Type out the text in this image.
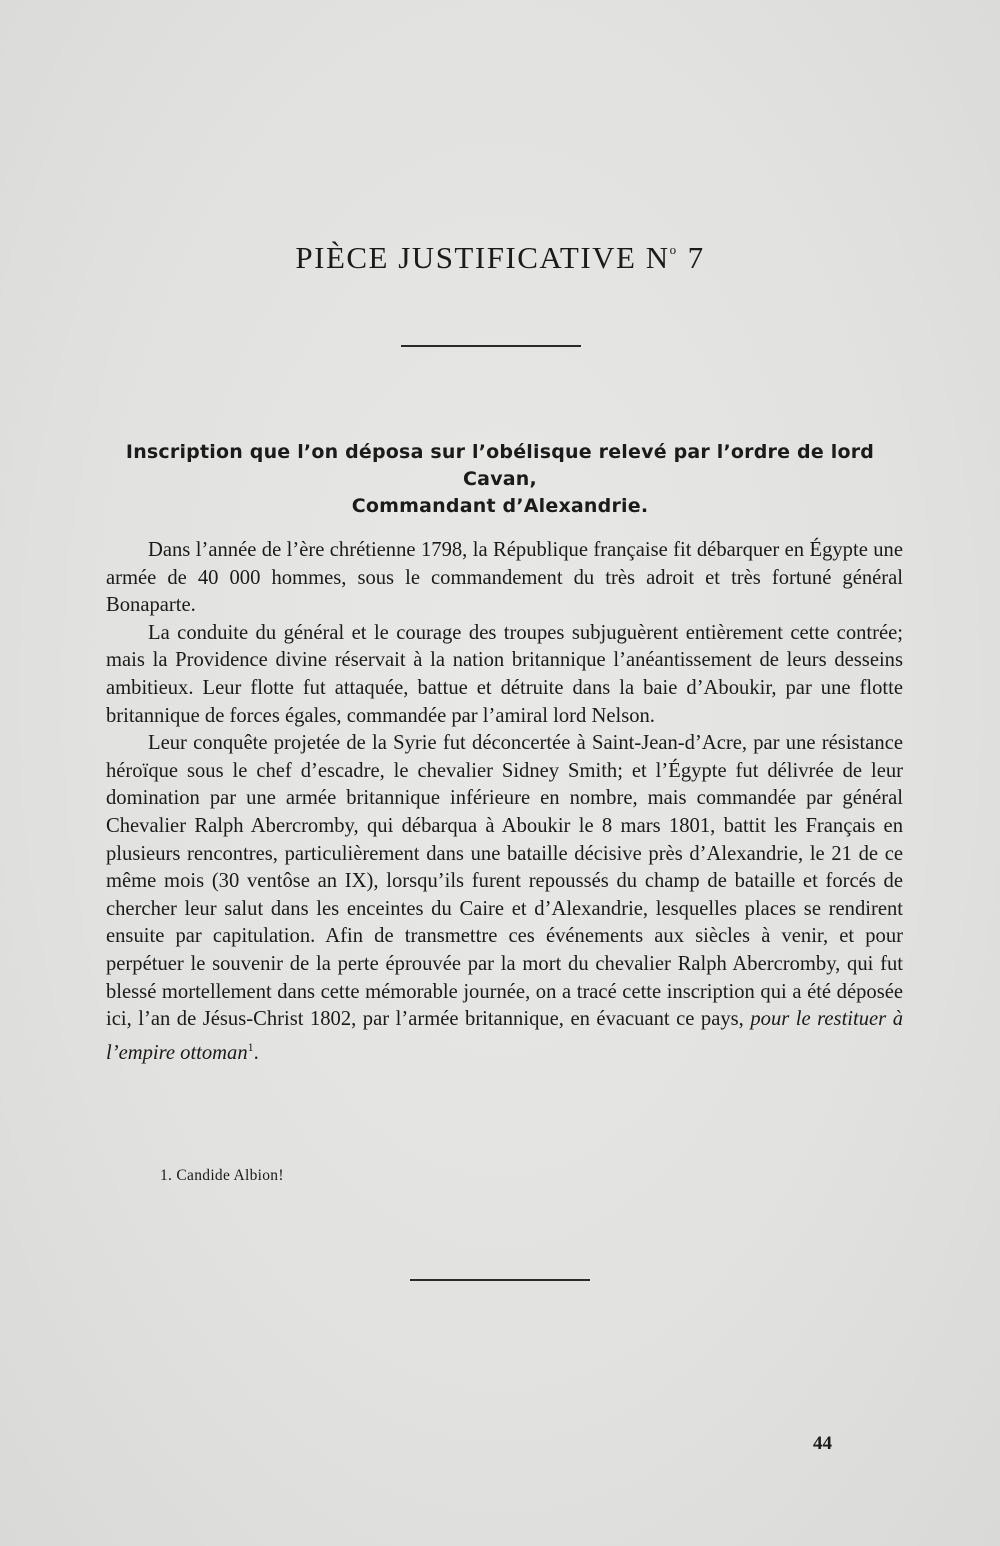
PIÈCE JUSTIFICATIVE $N^o$ 7
Inscription que l’on déposa sur l’obélisque relevé par l’ordre de lord Cavan,
Commandant d’Alexandrie.

Dans l’année de l’ère chrétienne 1798, la République française fit débarquer en Égypte une armée de 40 000 hommes, sous le commandement du très adroit et très fortuné général Bonaparte.

La conduite du général et le courage des troupes subjuguèrent entièrement cette contrée; mais la Providence divine réservait à la nation britannique l’anéantissement de leurs desseins ambitieux. Leur flotte fut attaquée, battue et détruite dans la baie d’Aboukir, par une flotte britannique de forces égales, commandée par l’amiral lord Nelson.

Leur conquête projetée de la Syrie fut déconcertée à Saint-Jean-d’Acre, par une résistance héroïque sous le chef d’escadre, le chevalier Sidney Smith; et l’Égypte fut délivrée de leur domination par une armée britannique inférieure en nombre, mais commandée par général Chevalier Ralph Abercromby, qui débarqua à Aboukir le 8 mars 1801, battit les Français en plusieurs rencontres, particulièrement dans une bataille décisive près d’Alexandrie, le 21 de ce même mois (30 ventôse an IX), lorsqu’ils furent repoussés du champ de bataille et forcés de chercher leur salut dans les enceintes du Caire et d’Alexandrie, lesquelles places se rendirent ensuite par capitulation. Afin de transmettre ces événements aux siècles à venir, et pour perpétuer le souvenir de la perte éprouvée par la mort du chevalier Ralph Abercromby, qui fut blessé mortellement dans cette mémorable journée, on a tracé cette inscription qui a été déposée ici, l’an de Jésus-Christ 1802, par l’armée britannique, en évacuant ce pays, pour le restituer à l’empire ottoman$^1$.

1. Candide Albion!
44
